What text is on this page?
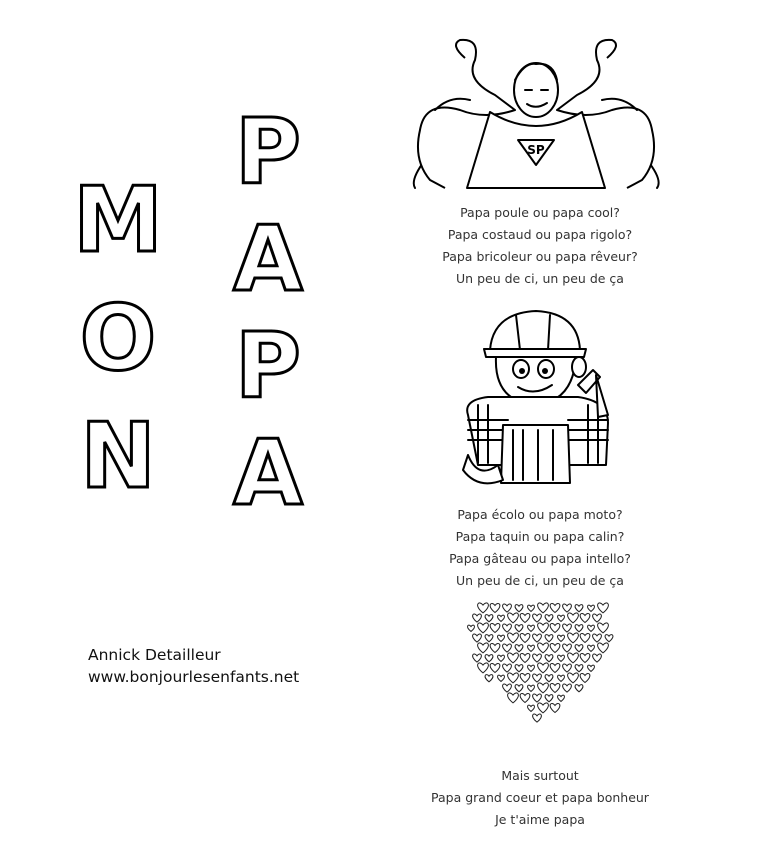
M
O
N
P
A
P
A
SP
Papa poule ou papa cool?
Papa costaud ou papa rigolo?
Papa bricoleur ou papa rêveur?
Un peu de ci, un peu de ça
Papa écolo ou papa moto?
Papa taquin ou papa calin?
Papa gâteau ou papa intello?
Un peu de ci, un peu de ça
Mais surtout
Papa grand coeur et papa bonheur
Je t'aime papa
Annick Detailleur
www.bonjourlesenfants.net
